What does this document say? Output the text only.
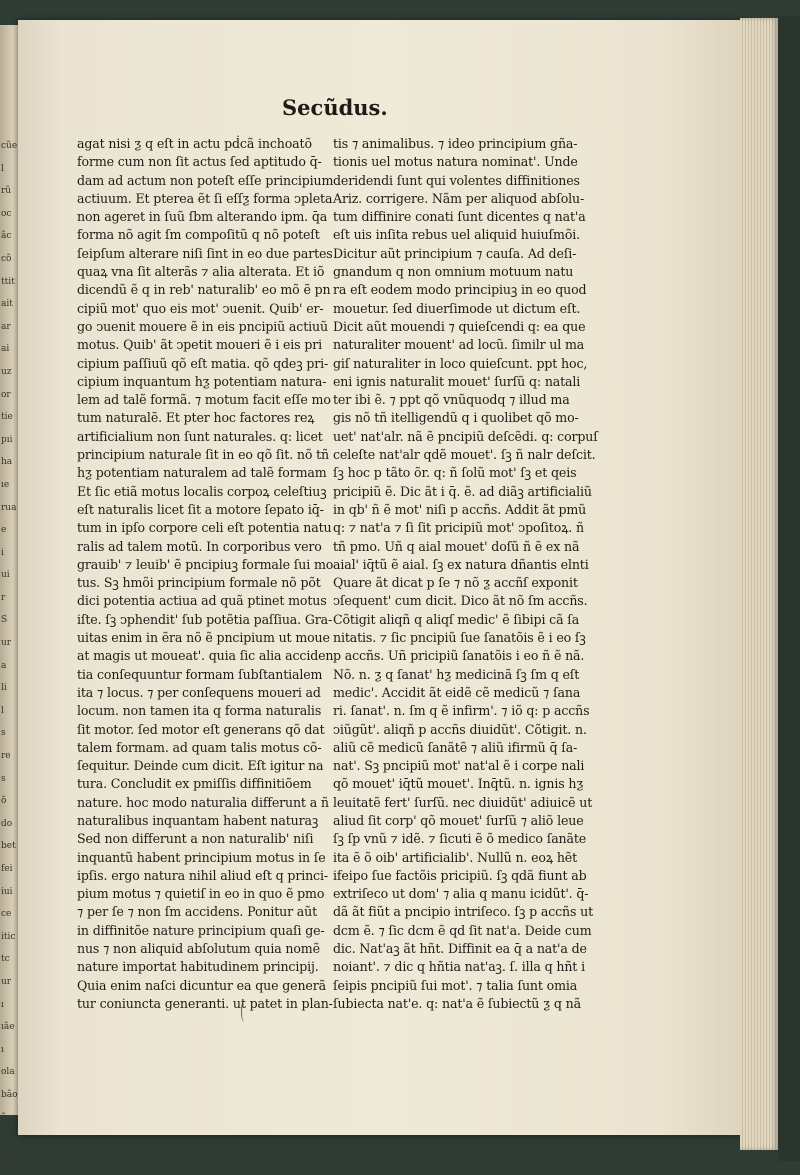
cũe
l
rũ
oc
ãc
cõ
ttit
ait
ar
ai
uz
or
tie
pıi
ha
ıe
rua
e
i
ui
r
S
ur
a
li
l
s
re
s
õ
do
bet
fei
iui
ce
itic
tc
ur
ı
ıãe
ı
ola
bão
ã
fia
ut
Secũdus.
agat nisi ƺ q eſt in actu pḋcã inchoatõ
forme cum non ſit actus ſed aptitudo q̄‐
dam ad actum non poteſt eſſe principium
actiuum. Et pterea ẽt ſi eſſƺ forma ↄpleta
non ageret in ſuũ ſbm alterando ipm. q̄a
forma nõ agit ſm compoſitũ q nõ poteſt
ſeipſum alterare niſi ſint in eo due partes
quaꝝ vna ſit alterãs ⁊ alia alterata. Et iõ
dicendũ ẽ q in reb' naturalib' eo mõ ẽ pn
cipiũ mot' quo eis mot' ↄuenit. Quib' er‐
go ↄuenit mouere ẽ in eis pncipiũ actiuũ
motus. Quib' ãt ↄpetit moueri ẽ i eis pri
cipium paſſiuũ qõ eſt matia. qõ qdeꝫ pri‐
cipium inquantum hƺ potentiam natura‐
lem ad talẽ formã. ⁊ motum facit eſſe mo
tum naturalẽ. Et pter hoc factores reꝝ
artificialium non ſunt naturales. q: licet
principium naturale ſit in eo qõ ſit. nõ tñ
hƺ potentiam naturalem ad talẽ formam
Et ſic etiã motus localis corpoꝝ celeſtiuꝫ
eſt naturalis licet ſit a motore ſepato iq̄‐
tum in ipſo corpore celi eſt potentia natu
ralis ad talem motũ. In corporibus vero
grauib' ⁊ leuib' ẽ pncipiuꝫ formale ſui mo
tus. Sꝫ hmõi principium formale nõ põt
dici potentia actiua ad quã ptinet motus
iſte. ſꝫ ↄphendit' ſub potẽtia paſſiua. Gra‐
uitas enim in ẽra nõ ẽ pncipium ut moue
at magis ut moueat'. quia ſic alia acciden
tia conſequuntur formam ſubſtantialem
ita ⁊ locus. ⁊ per conſequens moueri ad
locum. non tamen ita q forma naturalis
ſit motor. ſed motor eſt generans qõ dat
talem formam. ad quam talis motus cõ‐
ſequitur. Deinde cum dicit. Eſt igitur na
tura. Concludit ex pmiſſis diffinitiõem
nature. hoc modo naturalia differunt a ñ
naturalibus inquantam habent naturaꝫ
Sed non differunt a non naturalib' niſi
inquantũ habent principium motus in ſe
ipſis. ergo natura nihil aliud eſt q princi‐
pium motus ⁊ quietiſ in eo in quo ẽ pmo
⁊ per ſe ⁊ non ſm accidens. Ponitur aũt
in diffinitõe nature principium quaſi ge‐
nus ⁊ non aliquid abſolutum quia nomẽ
nature importat habitudinem principij.
Quia enim naſci dicuntur ea que generã
tur coniuncta generanti. ut patet in plan‐
tis ⁊ animalibus. ⁊ ideo principium gña‐
tionis uel motus natura nominat'. Unde
deridendi ſunt qui volentes diffinitiones
Ariz. corrigere. Nãm per aliquod abſolu‐
tum diffinire conati ſunt dicentes q nat'a
eſt uis inſita rebus uel aliquid huiuſmõi.
Dicitur aũt principium ⁊ cauſa. Ad deſi‐
gnandum q non omnium motuum natu
ra eſt eodem modo principiuꝫ in eo quod
mouetur. ſed diuerſimode ut dictum eſt.
Dicit aũt mouendi ⁊ quieſcendi q: ea que
naturaliter mouent' ad locũ. ſimilr ul ma
giſ naturaliter in loco quieſcunt. ppt hoc,
eni ignis naturalit mouet' ſurſũ q: natali
ter ibi ẽ. ⁊ ppt qõ vnũquodq ⁊ illud ma
gis nõ tñ itelligendũ q i quolibet qõ mo‐
uet' nat'alr. nã ẽ pncipiũ deſcẽdi. q: corpuſ
celeſte nat'alr qdẽ mouet'. ſꝫ ñ nalr deſcit.
ſꝫ hoc p tãto õr. q: ñ ſolũ mot' ſꝫ et qeis
pricipiũ ẽ. Dic ãt i q̄. ẽ. ad diãꝫ artificialiũ
in qb' ñ ẽ mot' niſi p accñs. Addit ãt pmũ
q: ⁊ nat'a ⁊ ſi ſit pricipiũ mot' ↄpoſitoꝝ. ñ
tñ pmo. Uñ q aial mouet' doſũ ñ ẽ ex nã
aial' iq̄tũ ẽ aial. ſꝫ ex natura dñantis elnti
Quare ãt dicat p ſe ⁊ nõ ƺ accñſ exponit
ↄſequent' cum dicit. Dico ãt nõ ſm accñs.
Cõtigit aliqñ q aliqſ medic' ẽ ſibipi cã ſa
nitatis. ⁊ ſic pncipiũ ſue ſanatõis ẽ i eo ſꝫ
p accñs. Uñ pricipiũ ſanatõis i eo ñ ẽ nã.
Nõ. n. ƺ q ſanat' hƺ medicinã ſꝫ ſm q eſt
medic'. Accidit ãt eidẽ cẽ medicũ ⁊ ſana
ri. ſanat'. n. ſm q ẽ infirm'. ⁊ iõ q: p accñs
ↄiũgũt'. aliqñ p accñs diuidũt'. Cõtigit. n.
aliũ cẽ medicũ ſanãtẽ ⁊ aliũ ifirmũ q̄ ſa‐
nat'. Sꝫ pncipiũ mot' nat'al ẽ i corpe nali
qõ mouet' iq̄tũ mouet'. Inq̄tũ. n. ignis hƺ
leuitatẽ fert' ſurſũ. nec diuidũt' adiuicẽ ut
aliud ſit corp' qõ mouet' ſurſũ ⁊ aliõ leue
ſꝫ ſp vnũ ⁊ idẽ. ⁊ ſicuti ẽ õ medico ſanãte
ita ẽ õ oib' artificialib'. Nullũ n. eoꝝ hẽt
ifeipo ſue factõis pricipiũ. ſꝫ qdã fiunt ab
extriſeco ut dom' ⁊ alia q manu icidũt'. q̄‐
dã ãt fiũt a pncipio intriſeco. ſꝫ p accñs ut
dcm ẽ. ⁊ ſic dcm ẽ qd ſit nat'a. Deide cum
dic. Nat'aꝫ ãt hñt. Diffinit ea q̄ a nat'a de
noiant'. ⁊ dic q hñtia nat'aꝫ. ſ. illa q hñt i
ſeipis pncipiũ ſui mot'. ⁊ talia ſunt omia
ſubiecta nat'e. q: nat'a ẽ ſubiectũ ƺ q nã
